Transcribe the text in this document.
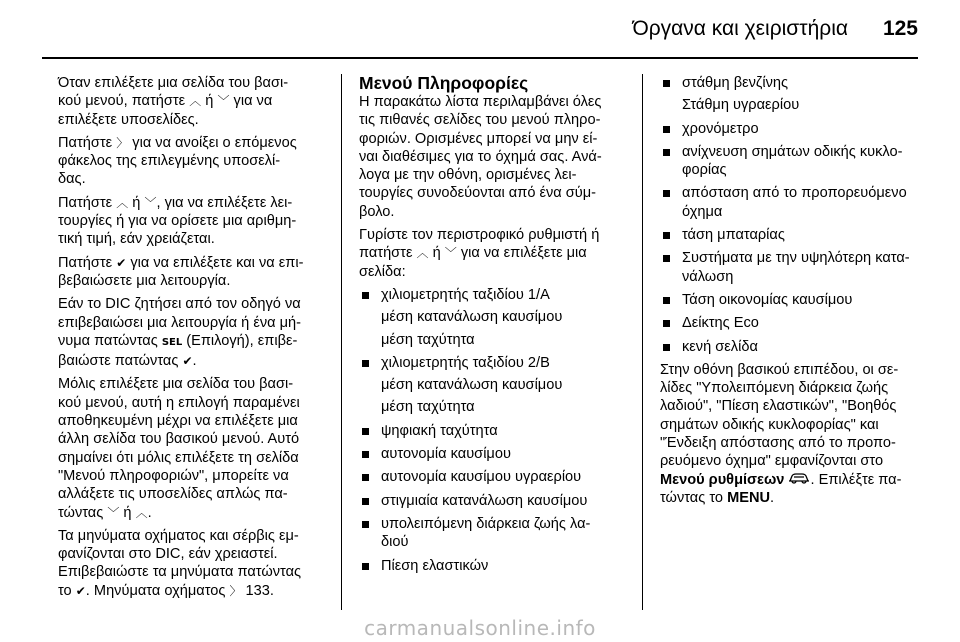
Όργανα και χειριστήρια 125

Όταν επιλέξετε μια σελίδα του βασι-
κού μενού, πατήστε ︿ ή ﹀ για να
επιλέξετε υποσελίδες.

Πατήστε 〉 για να ανοίξει ο επόμενος
φάκελος της επιλεγμένης υποσελί-
δας.

Πατήστε ︿ ή ﹀, για να επιλέξετε λει-
τουργίες ή για να ορίσετε μια αριθμη-
τική τιμή, εάν χρειάζεται.

Πατήστε ✔ για να επιλέξετε και να επι-
βεβαιώσετε μια λειτουργία.

Εάν το DIC ζητήσει από τον οδηγό να
επιβεβαιώσει μια λειτουργία ή ένα μή-
νυμα πατώντας SEL (Επιλογή), επιβε-
βαιώστε πατώντας ✔.

Μόλις επιλέξετε μια σελίδα του βασι-
κού μενού, αυτή η επιλογή παραμένει
αποθηκευμένη μέχρι να επιλέξετε μια
άλλη σελίδα του βασικού μενού. Αυτό
σημαίνει ότι μόλις επιλέξετε τη σελίδα
"Μενού πληροφοριών", μπορείτε να
αλλάξετε τις υποσελίδες απλώς πα-
τώντας ﹀ ή ︿.

Τα μηνύματα οχήματος και σέρβις εμ-
φανίζονται στο DIC, εάν χρειαστεί.
Επιβεβαιώστε τα μηνύματα πατώντας
το ✔. Μηνύματα οχήματος 〉 133.

Μενού Πληροφορίες

Η παρακάτω λίστα περιλαμβάνει όλες
τις πιθανές σελίδες του μενού πληρο-
φοριών. Ορισμένες μπορεί να μην εί-
ναι διαθέσιμες για το όχημά σας. Ανά-
λογα με την οθόνη, ορισμένες λει-
τουργίες συνοδεύονται από ένα σύμ-
βολο.

Γυρίστε τον περιστροφικό ρυθμιστή ή
πατήστε ︿ ή ﹀ για να επιλέξετε μια
σελίδα:

χιλιομετρητής ταξιδίου 1/A
μέση κατανάλωση καυσίμου
μέση ταχύτητα
χιλιομετρητής ταξιδίου 2/B
μέση κατανάλωση καυσίμου
μέση ταχύτητα
ψηφιακή ταχύτητα
αυτονομία καυσίμου
αυτονομία καυσίμου υγραερίου
στιγμιαία κατανάλωση καυσίμου
υπολειπόμενη διάρκεια ζωής λα-
διού
Πίεση ελαστικών
στάθμη βενζίνης
Στάθμη υγραερίου
χρονόμετρο
ανίχνευση σημάτων οδικής κυκλο-
φορίας
απόσταση από το προπορευόμενο
όχημα
τάση μπαταρίας
Συστήματα με την υψηλότερη κατα-
νάλωση
Τάση οικονομίας καυσίμου
Δείκτης Eco
κενή σελίδα

Στην οθόνη βασικού επιπέδου, οι σε-
λίδες "Υπολειπόμενη διάρκεια ζωής
λαδιού", "Πίεση ελαστικών", "Βοηθός
σημάτων οδικής κυκλοφορίας" και
"Ένδειξη απόστασης από το προπο-
ρευόμενο όχημα" εμφανίζονται στο
Μενού ρυθμίσεων . Επιλέξτε πα-
τώντας το MENU.

carmanualsonline.info
